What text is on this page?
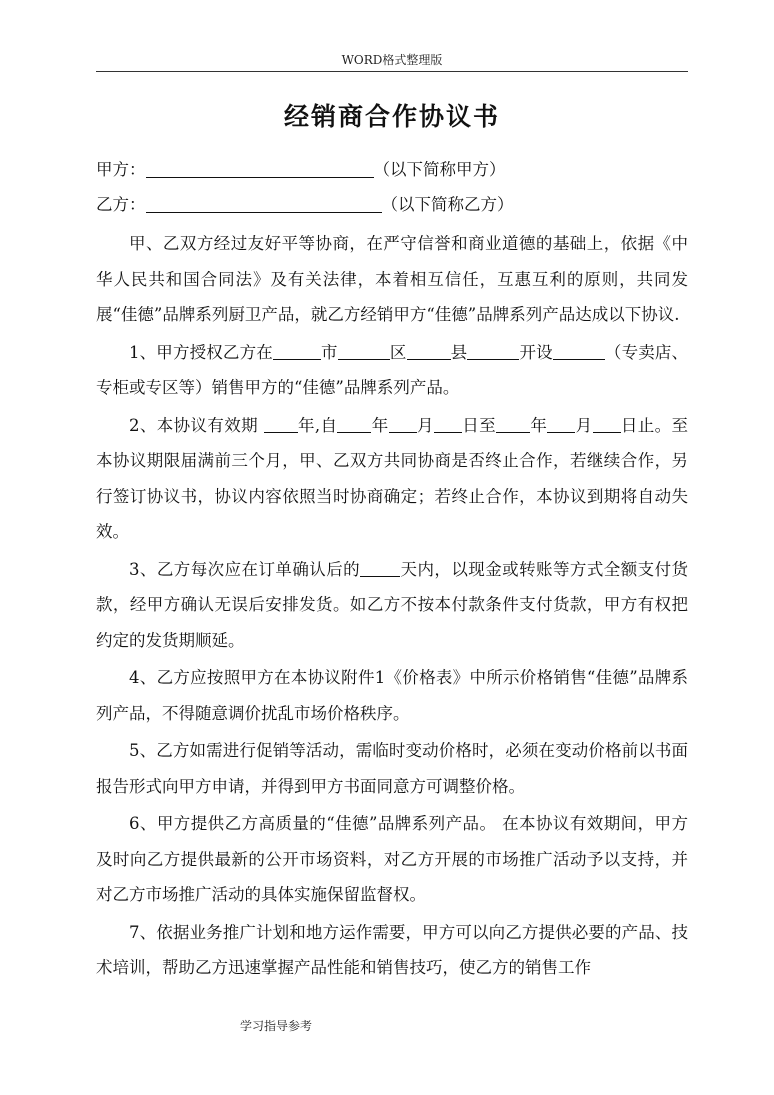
WORD格式整理版
经销商合作协议书
甲方：	（以下简称甲方）
乙方：	（以下简称乙方）

甲、乙双方经过友好平等协商，在严守信誉和商业道德的基础上，依据《中华人民共和国合同法》及有关法律，本着相互信任，互惠互利的原则，共同发展“佳德”品牌系列厨卫产品，就乙方经销甲方“佳德”品牌系列产品达成以下协议.

1、甲方授权乙方在	市	区	县	开设	（专卖店、专柜或专区等）销售甲方的“佳德”品牌系列产品。

2、本协议有效期 年,自 年 月 日至 年 月 日止。至本协议期限届满前三个月，甲、乙双方共同协商是否终止合作，若继续合作，另行签订协议书，协议内容依照当时协商确定；若终止合作，本协议到期将自动失效。

3、乙方每次应在订单确认后的 天内，以现金或转账等方式全额支付货款，经甲方确认无误后安排发货。如乙方不按本付款条件支付货款，甲方有权把约定的发货期顺延。

4、乙方应按照甲方在本协议附件1《价格表》中所示价格销售“佳德”品牌系列产品，不得随意调价扰乱市场价格秩序。

5、乙方如需进行促销等活动，需临时变动价格时，必须在变动价格前以书面报告形式向甲方申请，并得到甲方书面同意方可调整价格。

6、甲方提供乙方高质量的“佳德”品牌系列产品。 在本协议有效期间，甲方及时向乙方提供最新的公开市场资料，对乙方开展的市场推广活动予以支持，并对乙方市场推广活动的具体实施保留监督权。

7、依据业务推广计划和地方运作需要，甲方可以向乙方提供必要的产品、技术培训，帮助乙方迅速掌握产品性能和销售技巧，使乙方的销售工作

学习指导参考
